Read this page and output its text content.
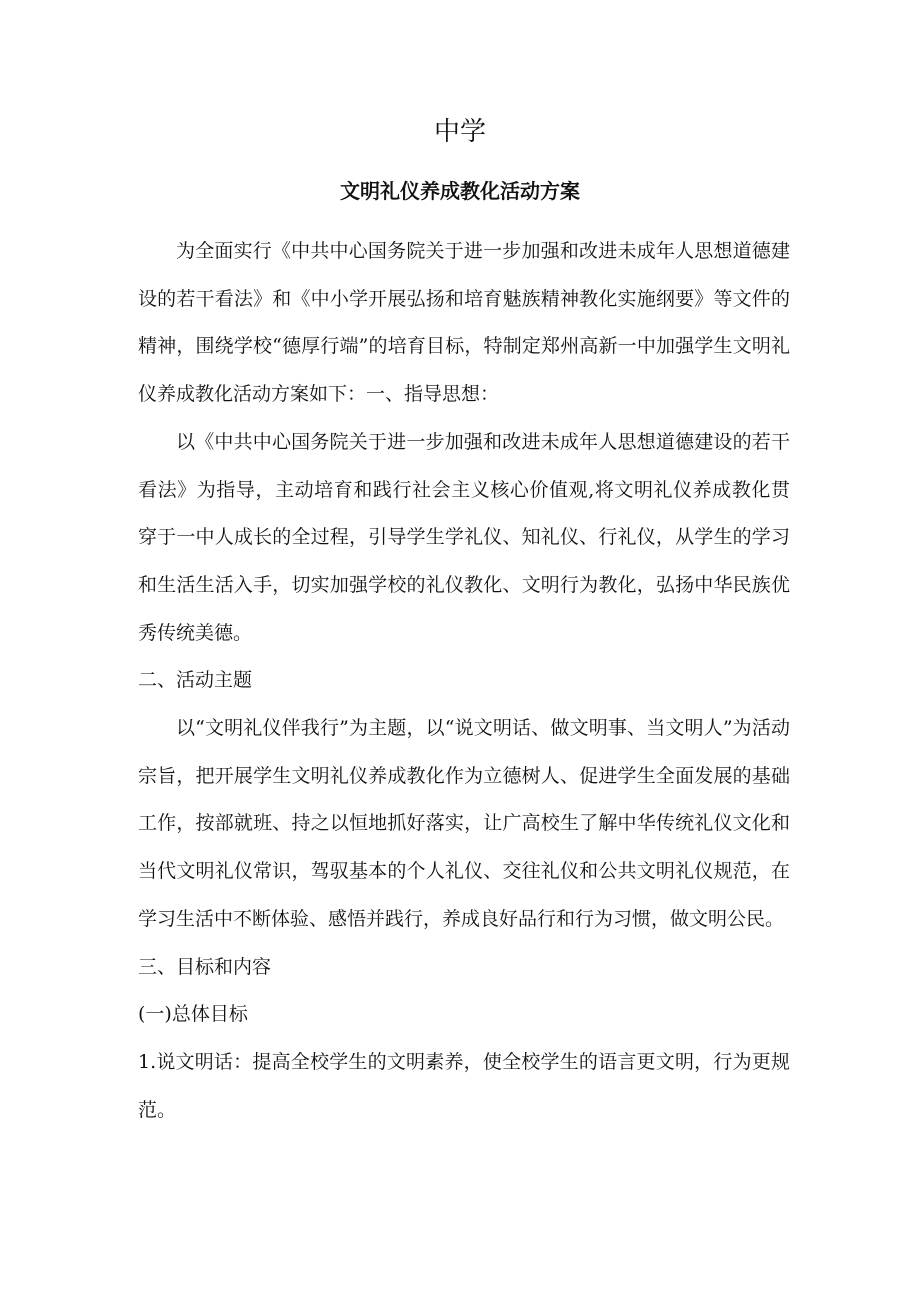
中学
文明礼仪养成教化活动方案

为全面实行《中共中心国务院关于进一步加强和改进未成年人思想道德建设的若干看法》和《中小学开展弘扬和培育魅族精神教化实施纲要》等文件的精神，围绕学校“德厚行端”的培育目标，特制定郑州高新一中加强学生文明礼仪养成教化活动方案如下：一、指导思想：

以《中共中心国务院关于进一步加强和改进未成年人思想道德建设的若干看法》为指导，主动培育和践行社会主义核心价值观,将文明礼仪养成教化贯穿于一中人成长的全过程，引导学生学礼仪、知礼仪、行礼仪，从学生的学习和生活生活入手，切实加强学校的礼仪教化、文明行为教化，弘扬中华民族优秀传统美德。

二、活动主题

以“文明礼仪伴我行”为主题，以“说文明话、做文明事、当文明人”为活动宗旨，把开展学生文明礼仪养成教化作为立德树人、促进学生全面发展的基础工作，按部就班、持之以恒地抓好落实，让广高校生了解中华传统礼仪文化和当代文明礼仪常识，驾驭基本的个人礼仪、交往礼仪和公共文明礼仪规范，在学习生活中不断体验、感悟并践行，养成良好品行和行为习惯，做文明公民。

三、目标和内容

(一)总体目标

1.说文明话：提高全校学生的文明素养，使全校学生的语言更文明，行为更规范。
